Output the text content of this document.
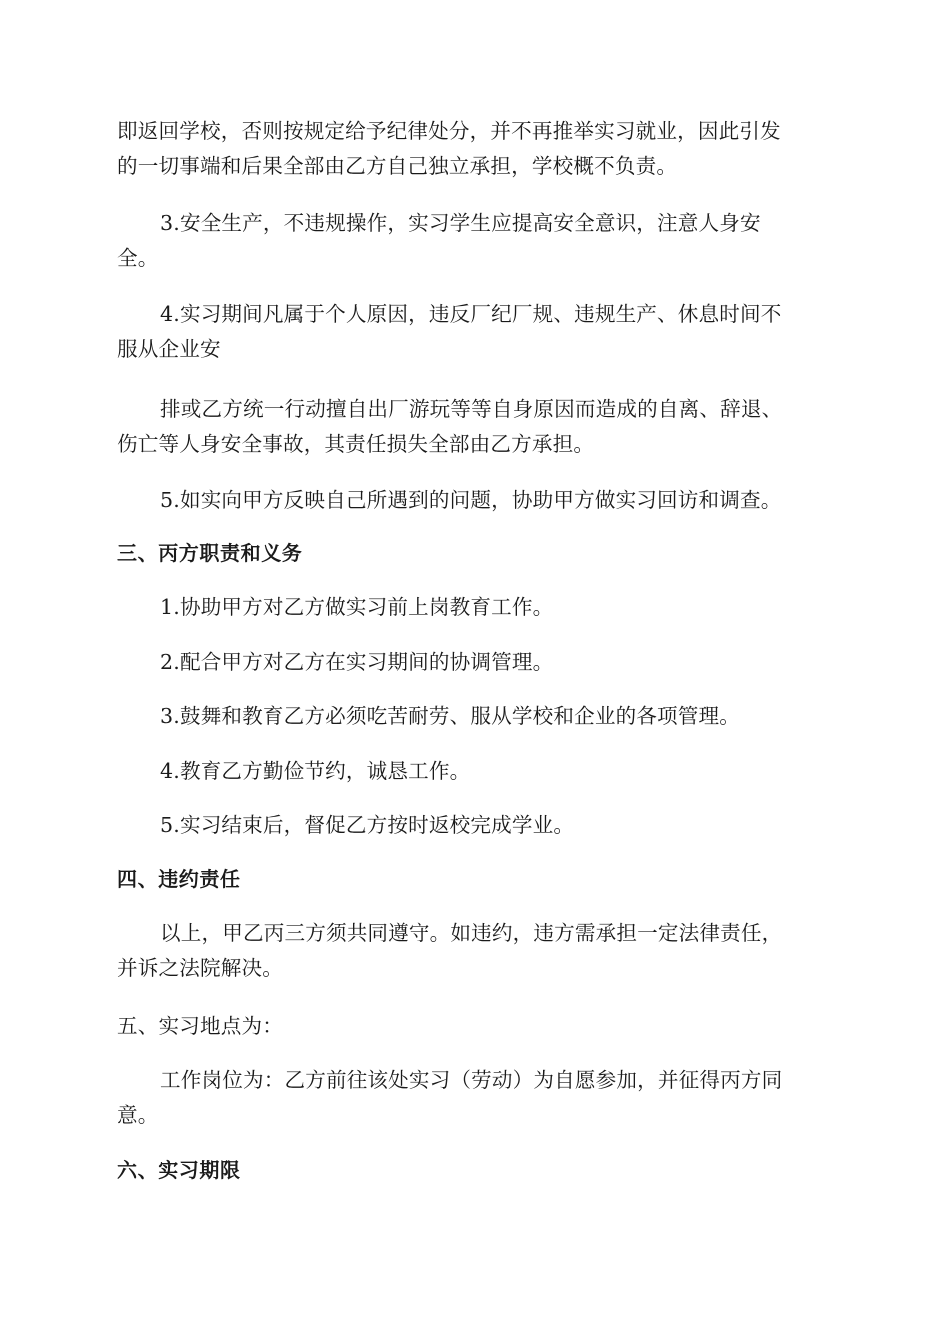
即返回学校，否则按规定给予纪律处分，并不再推举实习就业，因此引发

的一切事端和后果全部由乙方自己独立承担，学校概不负责。

3.安全生产，不违规操作，实习学生应提高安全意识，注意人身安

全。

4.实习期间凡属于个人原因，违反厂纪厂规、违规生产、休息时间不

服从企业安

排或乙方统一行动擅自出厂游玩等等自身原因而造成的自离、辞退、

伤亡等人身安全事故，其责任损失全部由乙方承担。

5.如实向甲方反映自己所遇到的问题，协助甲方做实习回访和调查。

三、丙方职责和义务

1.协助甲方对乙方做实习前上岗教育工作。

2.配合甲方对乙方在实习期间的协调管理。

3.鼓舞和教育乙方必须吃苦耐劳、服从学校和企业的各项管理。

4.教育乙方勤俭节约，诚恳工作。

5.实习结束后，督促乙方按时返校完成学业。

四、违约责任

以上，甲乙丙三方须共同遵守。如违约，违方需承担一定法律责任，

并诉之法院解决。

五、实习地点为：

工作岗位为：乙方前往该处实习（劳动）为自愿参加，并征得丙方同

意。

六、实习期限
